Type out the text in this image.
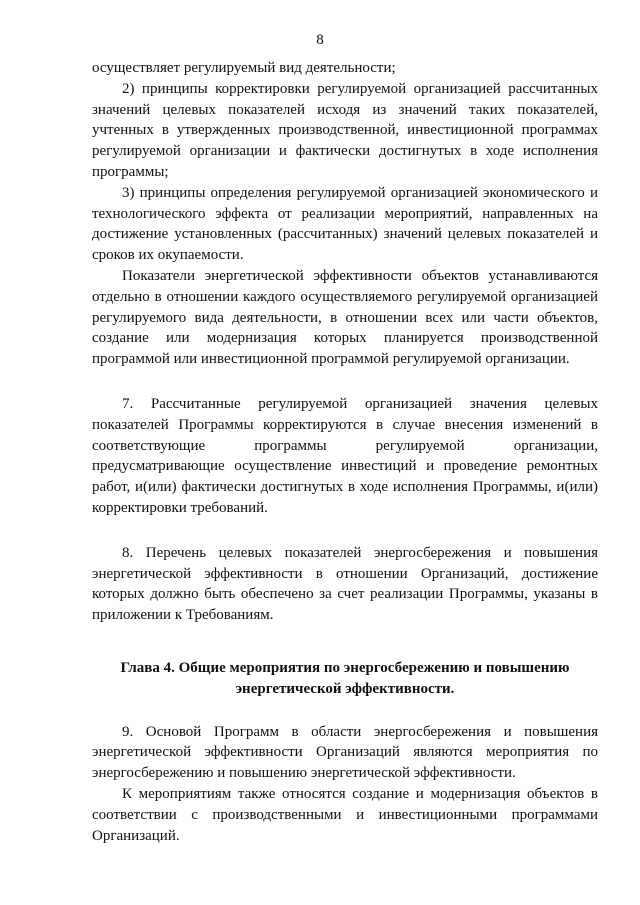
8

осуществляет регулируемый вид деятельности;

2) принципы корректировки регулируемой организацией рассчитанных значений целевых показателей исходя из значений таких показателей, учтенных в утвержденных производственной, инвестиционной программах регулируемой организации и фактически достигнутых в ходе исполнения программы;

3) принципы определения регулируемой организацией экономического и технологического эффекта от реализации мероприятий, направленных на достижение установленных (рассчитанных) значений целевых показателей и сроков их окупаемости.

Показатели энергетической эффективности объектов устанавливаются отдельно в отношении каждого осуществляемого регулируемой организацией регулируемого вида деятельности, в отношении всех или части объектов, создание или модернизация которых планируется производственной программой или инвестиционной программой регулируемой организации.

7. Рассчитанные регулируемой организацией значения целевых показателей Программы корректируются в случае внесения изменений в соответствующие программы регулируемой организации, предусматривающие осуществление инвестиций и проведение ремонтных работ, и(или) фактически достигнутых в ходе исполнения Программы, и(или) корректировки требований.

8. Перечень целевых показателей энергосбережения и повышения энергетической эффективности в отношении Организаций, достижение которых должно быть обеспечено за счет реализации Программы, указаны в приложении к Требованиям.

Глава 4. Общие мероприятия по энергосбережению и повышению энергетической эффективности.

9. Основой Программ в области энергосбережения и повышения энергетической эффективности Организаций являются мероприятия по энергосбережению и повышению энергетической эффективности.

К мероприятиям также относятся создание и модернизация объектов в соответствии с производственными и инвестиционными программами Организаций.
